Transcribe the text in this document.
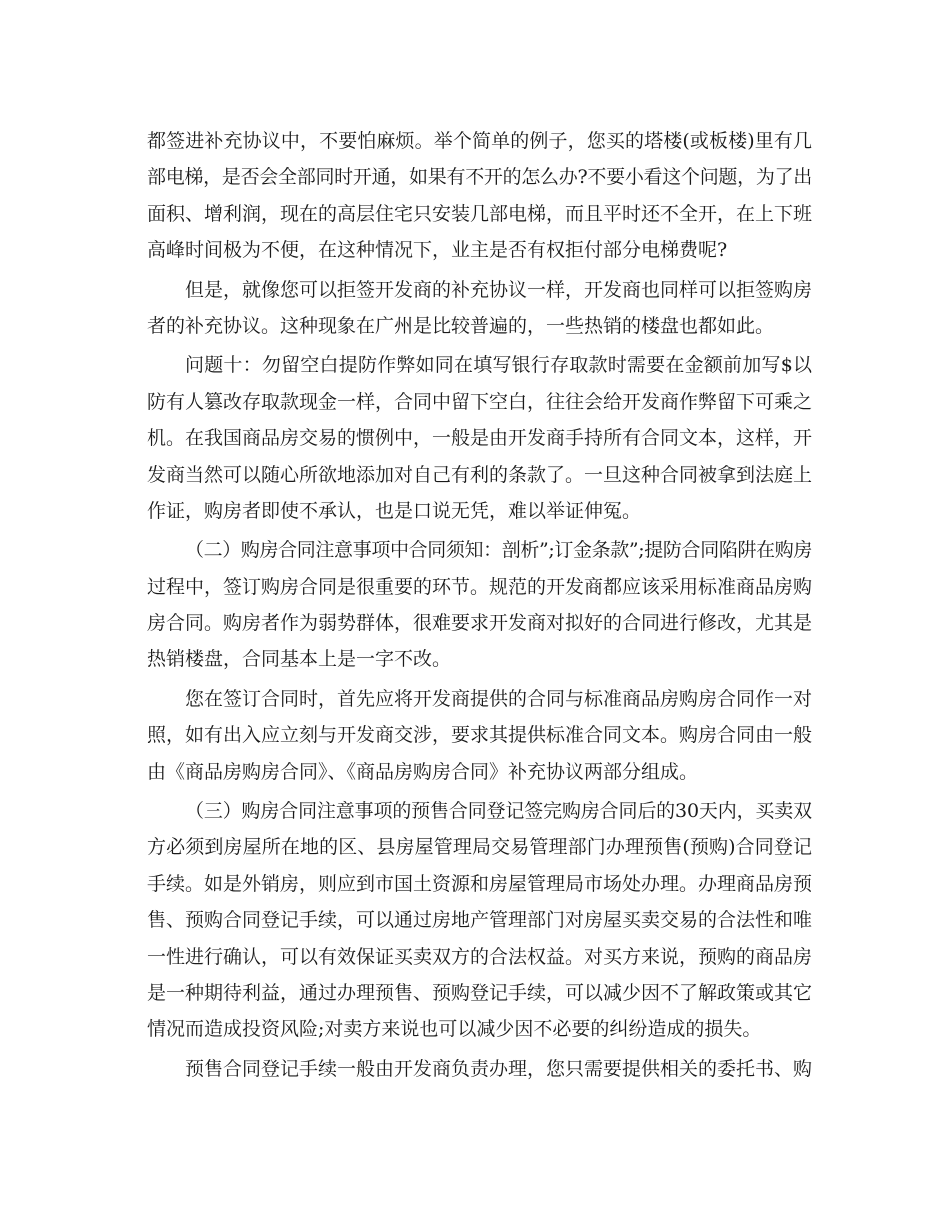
都签进补充协议中，不要怕麻烦。举个简单的例子，您买的塔楼(或板楼)里有几
部电梯，是否会全部同时开通，如果有不开的怎么办?不要小看这个问题，为了出
面积、增利润，现在的高层住宅只安装几部电梯，而且平时还不全开，在上下班
高峰时间极为不便，在这种情况下，业主是否有权拒付部分电梯费呢?
但是，就像您可以拒签开发商的补充协议一样，开发商也同样可以拒签购房
者的补充协议。这种现象在广州是比较普遍的，一些热销的楼盘也都如此。
问题十：勿留空白提防作弊如同在填写银行存取款时需要在金额前加写$以
防有人篡改存取款现金一样，合同中留下空白，往往会给开发商作弊留下可乘之
机。在我国商品房交易的惯例中，一般是由开发商手持所有合同文本，这样，开
发商当然可以随心所欲地添加对自己有利的条款了。一旦这种合同被拿到法庭上
作证，购房者即使不承认，也是口说无凭，难以举证伸冤。
（二）购房合同注意事项中合同须知：剖析”;订金条款”;提防合同陷阱在购房
过程中，签订购房合同是很重要的环节。规范的开发商都应该采用标准商品房购
房合同。购房者作为弱势群体，很难要求开发商对拟好的合同进行修改，尤其是
热销楼盘，合同基本上是一字不改。
您在签订合同时，首先应将开发商提供的合同与标准商品房购房合同作一对
照，如有出入应立刻与开发商交涉，要求其提供标准合同文本。购房合同由一般
由《商品房购房合同》、《商品房购房合同》补充协议两部分组成。
（三）购房合同注意事项的预售合同登记签完购房合同后的30天内，买卖双
方必须到房屋所在地的区、县房屋管理局交易管理部门办理预售(预购)合同登记
手续。如是外销房，则应到市国土资源和房屋管理局市场处办理。办理商品房预
售、预购合同登记手续，可以通过房地产管理部门对房屋买卖交易的合法性和唯
一性进行确认，可以有效保证买卖双方的合法权益。对买方来说，预购的商品房
是一种期待利益，通过办理预售、预购登记手续，可以减少因不了解政策或其它
情况而造成投资风险;对卖方来说也可以减少因不必要的纠纷造成的损失。
预售合同登记手续一般由开发商负责办理，您只需要提供相关的委托书、购
